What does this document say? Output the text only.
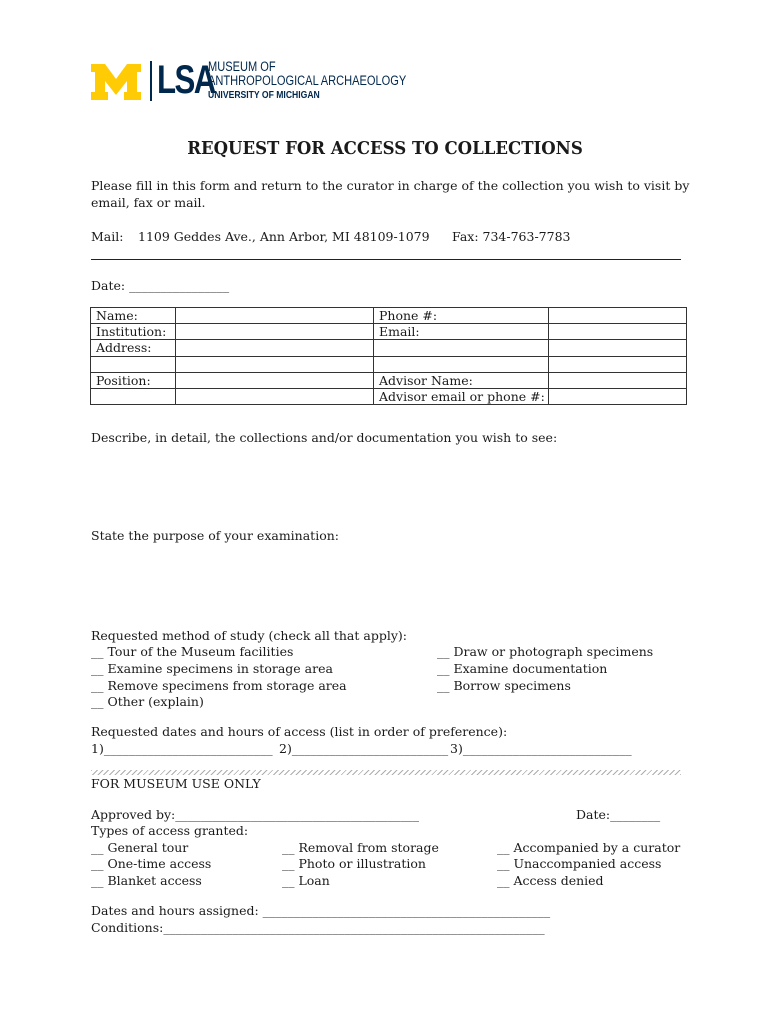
LSA
MUSEUM OF
ANTHROPOLOGICAL ARCHAEOLOGY
UNIVERSITY OF MICHIGAN
REQUEST FOR ACCESS TO COLLECTIONS
Please fill in this form and return to the curator in charge of the collection you wish to visit by
email, fax or mail.
Mail: 1109 Geddes Ave., Ann Arbor, MI 48109-1079 Fax: 734-763-7783
Date: ________________
Name:		Phone #:	
Institution:		Email:	
Address:			

Position:		Advisor Name:	
		Advisor email or phone #:	
Describe, in detail, the collections and/or documentation you wish to see:
State the purpose of your examination:
Requested method of study (check all that apply):
__ Tour of the Museum facilities
__ Examine specimens in storage area
__ Remove specimens from storage area
__ Other (explain)
__ Draw or photograph specimens
__ Examine documentation
__ Borrow specimens
Requested dates and hours of access (list in order of preference):
1)___________________________ 2)_________________________ 3)___________________________
FOR MUSEUM USE ONLY
Approved by:_______________________________________	Date:________
Types of access granted:
__ General tour
__ One-time access
__ Blanket access
__ Removal from storage
__ Photo or illustration
__ Loan
__ Accompanied by a curator
__ Unaccompanied access
__ Access denied
Dates and hours assigned: ______________________________________________
Conditions:_____________________________________________________________
